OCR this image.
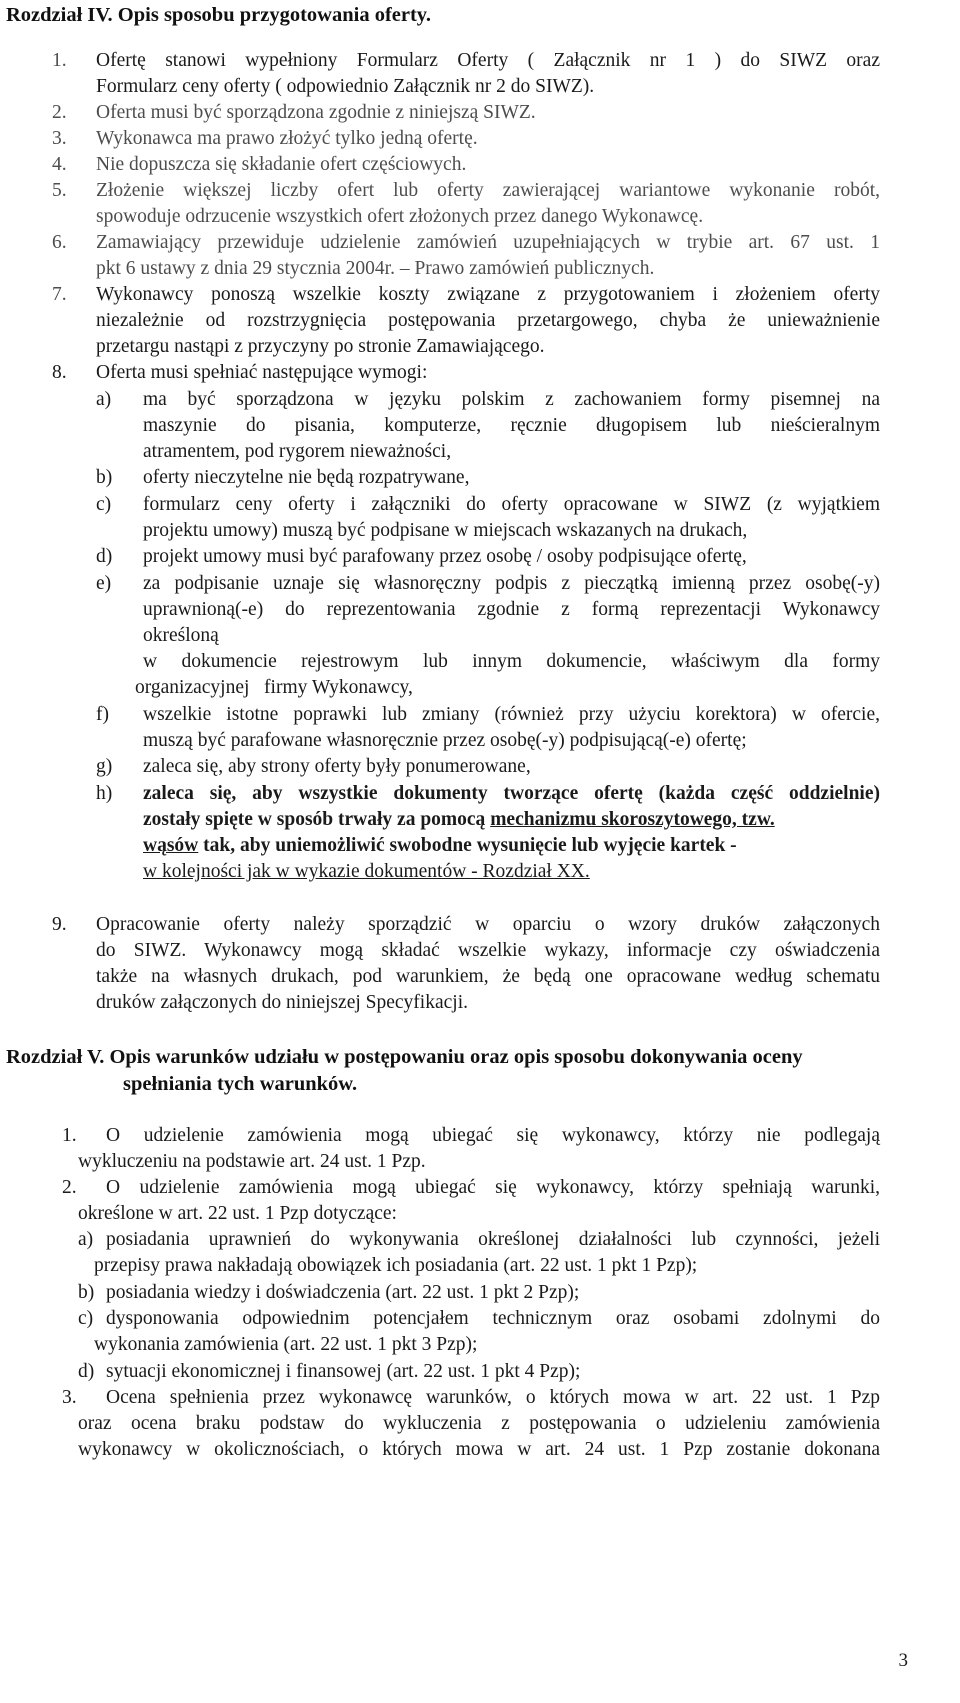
Rozdział IV. Opis sposobu przygotowania oferty.
1. Ofertę stanowi wypełniony Formularz Oferty ( Załącznik nr 1 ) do SIWZ oraz
Formularz ceny oferty ( odpowiednio Załącznik nr 2 do SIWZ).
2. Oferta musi być sporządzona zgodnie z niniejszą SIWZ.
3. Wykonawca ma prawo złożyć tylko jedną ofertę.
4. Nie dopuszcza się składanie ofert częściowych.
5. Złożenie większej liczby ofert lub oferty zawierającej wariantowe wykonanie robót,
spowoduje odrzucenie wszystkich ofert złożonych przez danego Wykonawcę.
6. Zamawiający przewiduje udzielenie zamówień uzupełniających w trybie art. 67 ust. 1
pkt 6 ustawy z dnia 29 stycznia 2004r. – Prawo zamówień publicznych.
7. Wykonawcy ponoszą wszelkie koszty związane z przygotowaniem i złożeniem oferty
niezależnie od rozstrzygnięcia postępowania przetargowego, chyba że unieważnienie
przetargu nastąpi z przyczyny po stronie Zamawiającego.
8. Oferta musi spełniać następujące wymogi:
a) ma być sporządzona w języku polskim z zachowaniem formy pisemnej na
maszynie do pisania, komputerze, ręcznie długopisem lub nieścieralnym
atramentem, pod rygorem nieważności,
b) oferty nieczytelne nie będą rozpatrywane,
c) formularz ceny oferty i załączniki do oferty opracowane w SIWZ (z wyjątkiem
projektu umowy) muszą być podpisane w miejscach wskazanych na drukach,
d) projekt umowy musi być parafowany przez osobę / osoby podpisujące ofertę,
e) za podpisanie uznaje się własnoręczny podpis z pieczątką imienną przez osobę(-y)
uprawnioną(-e) do reprezentowania zgodnie z formą reprezentacji Wykonawcy
określoną
w dokumencie rejestrowym lub innym dokumencie, właściwym dla formy
organizacyjnej   firmy Wykonawcy,
f) wszelkie istotne poprawki lub zmiany (również przy użyciu korektora) w ofercie,
muszą być parafowane własnoręcznie przez osobę(-y) podpisującą(-e) ofertę;
g) zaleca się, aby strony oferty były ponumerowane,
h) zaleca się, aby wszystkie dokumenty tworzące ofertę (każda część oddzielnie)
zostały spięte w sposób trwały za pomocą mechanizmu skoroszytowego, tzw.
wąsów tak, aby uniemożliwić swobodne wysunięcie lub wyjęcie kartek -
w kolejności jak w wykazie dokumentów - Rozdział XX.
9. Opracowanie oferty należy sporządzić w oparciu o wzory druków załączonych
do SIWZ. Wykonawcy mogą składać wszelkie wykazy, informacje czy oświadczenia
także na własnych drukach, pod warunkiem, że będą one opracowane według schematu
druków załączonych do niniejszej Specyfikacji.
Rozdział V. Opis warunków udziału w postępowaniu oraz opis sposobu dokonywania oceny
spełniania tych warunków.
1. O udzielenie zamówienia mogą ubiegać się wykonawcy, którzy nie podlegają
wykluczeniu na podstawie art. 24 ust. 1 Pzp.
2. O udzielenie zamówienia mogą ubiegać się wykonawcy, którzy spełniają warunki,
określone w art. 22 ust. 1 Pzp dotyczące:
a) posiadania uprawnień do wykonywania określonej działalności lub czynności, jeżeli
przepisy prawa nakładają obowiązek ich posiadania (art. 22 ust. 1 pkt 1 Pzp);
b) posiadania wiedzy i doświadczenia (art. 22 ust. 1 pkt 2 Pzp);
c) dysponowania odpowiednim potencjałem technicznym oraz osobami zdolnymi do
wykonania zamówienia (art. 22 ust. 1 pkt 3 Pzp);
d) sytuacji ekonomicznej i finansowej (art. 22 ust. 1 pkt 4 Pzp);
3. Ocena spełnienia przez wykonawcę warunków, o których mowa w art. 22 ust. 1 Pzp
oraz ocena braku podstaw do wykluczenia z postępowania o udzieleniu zamówienia
wykonawcy w okolicznościach, o których mowa w art. 24 ust. 1 Pzp zostanie dokonana
3
